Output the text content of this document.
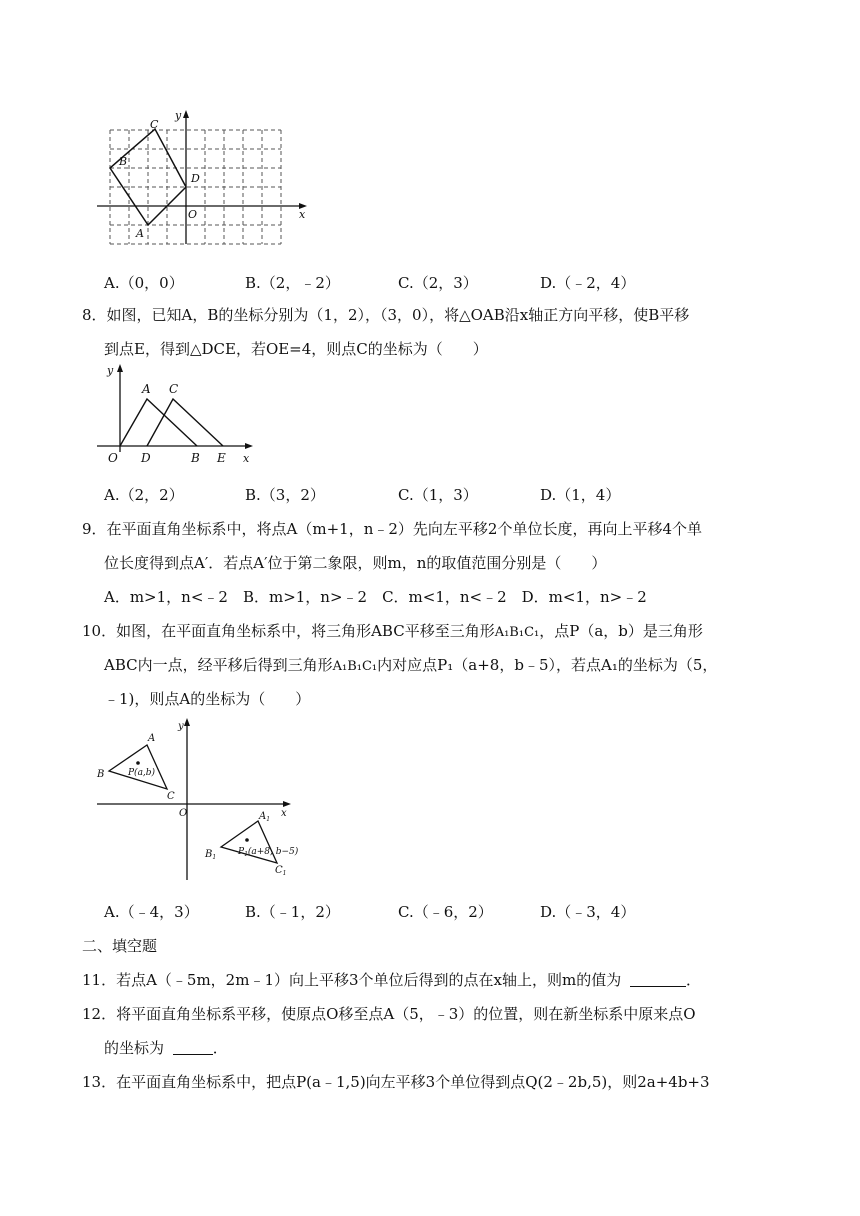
y
x
O
A
B
C
D
A.（0，0）	B.（2，﹣2）	C.（2，3）	D.（﹣2，4）
8．如图，已知A，B的坐标分别为（1，2），（3，0），将△OAB沿x轴正方向平移，使B平移
到点E，得到△DCE，若OE=4，则点C的坐标为（　　）
y
x
O
A C
D	B E
A.（2，2）	B.（3，2）	C.（1，3）	D.（1，4）
9．在平面直角坐标系中，将点A（m+1，n﹣2）先向左平移2个单位长度，再向上平移4个单
位长度得到点A′．若点A′位于第二象限，则m，n的取值范围分别是（　　）
A．m>1，n<﹣2　B．m>1，n>﹣2　C．m<1，n<﹣2　D．m<1，n>﹣2
10．如图，在平面直角坐标系中，将三角形ABC平移至三角形A₁B₁C₁，点P（a，b）是三角形
ABC内一点，经平移后得到三角形A₁B₁C₁内对应点P₁（a+8，b﹣5），若点A₁的坐标为（5，
﹣1)，则点A的坐标为（　　）
y
x
O
A
B
C
P(a,b)
$A_1$
$B_1$
$C_1$
$P_1(a+8$, b−5)
A.（﹣4，3）	B.（﹣1，2）	C.（﹣6，2）	D.（﹣3，4）
二、填空题
11．若点A（﹣5m，2m﹣1）向上平移3个单位后得到的点在x轴上，则m的值为	．
12．将平面直角坐标系平移，使原点O移至点A（5，﹣3）的位置，则在新坐标系中原来点O
的坐标为	．
13．在平面直角坐标系中，把点P(a﹣1,5)向左平移3个单位得到点Q(2﹣2b,5)，则2a+4b+3
